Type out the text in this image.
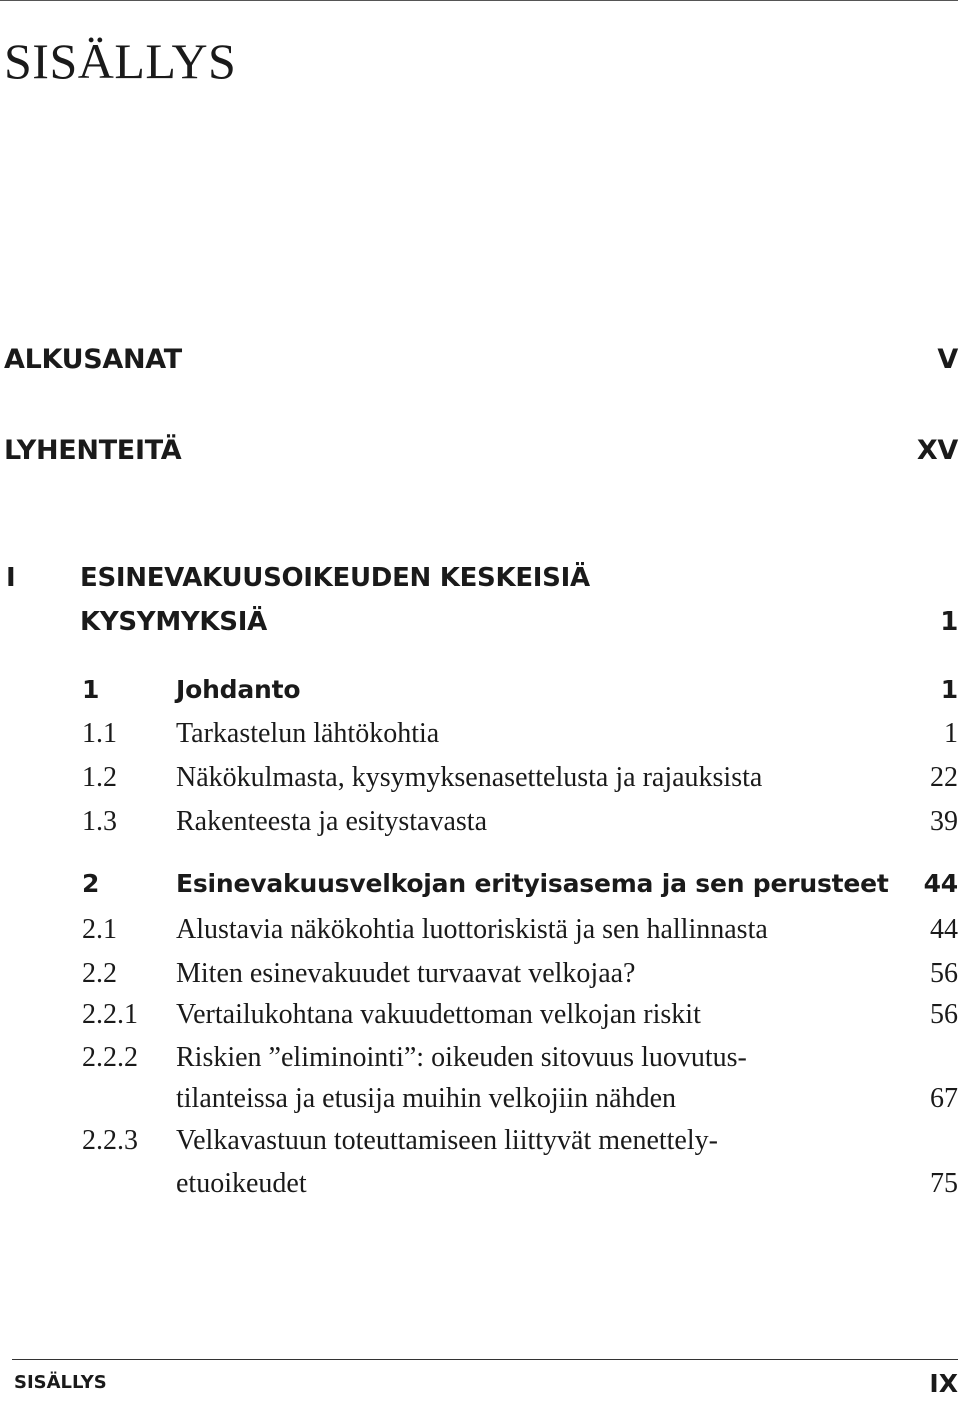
SISÄLLYS
ALKUSANAT	V
LYHENTEITÄ	XV
I ESINEVAKUUSOIKEUDEN KESKEISIÄ
KYSYMYKSIÄ	1
1	Johdanto	1
1.1 Tarkastelun lähtökohtia	1
1.2 Näkökulmasta, kysymyksenasettelusta ja rajauksista	22
1.3 Rakenteesta ja esitystavasta	39
2	Esinevakuusvelkojan erityisasema ja sen perusteet 44
2.1 Alustavia näkökohtia luottoriskistä ja sen hallinnasta	44
2.2 Miten esinevakuudet turvaavat velkojaa?	56
2.2.1 Vertailukohtana vakuudettoman velkojan riskit	56
2.2.2 Riskien ”eliminointi”: oikeuden sitovuus luovutus-
tilanteissa ja etusija muihin velkojiin nähden	67
2.2.3 Velkavastuun toteuttamiseen liittyvät menettely-
etuoikeudet	75
SISÄLLYS	IX
